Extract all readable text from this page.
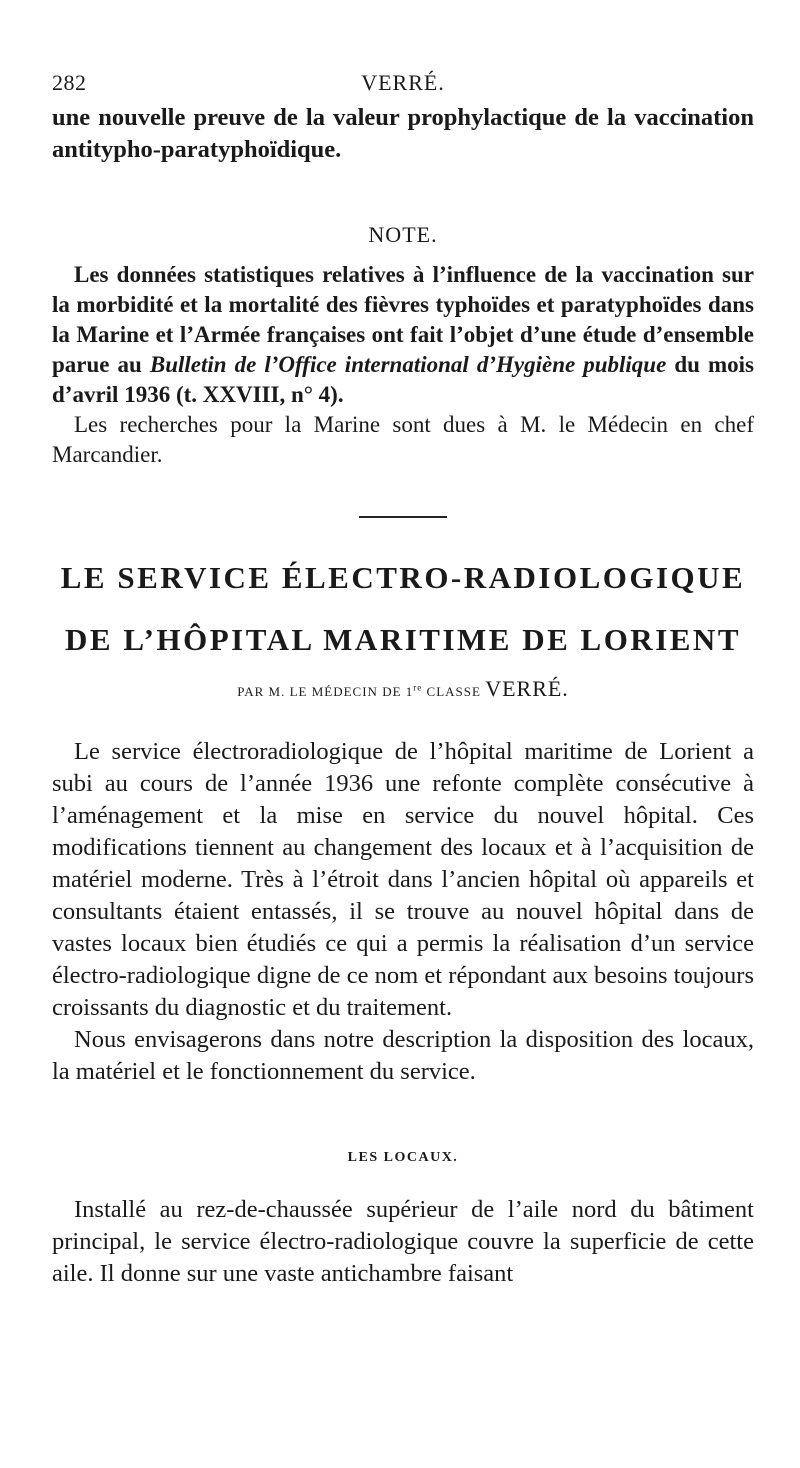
282	VERRÉ.

une nouvelle preuve de la valeur prophylactique de la vaccination antitypho-paratyphoïdique.

NOTE.

Les données statistiques relatives à l’influence de la vaccination sur la morbidité et la mortalité des fièvres typhoïdes et paratyphoïdes dans la Marine et l’Armée françaises ont fait l’objet d’une étude d’ensemble parue au Bulletin de l’Office international d’Hygiène publique du mois d’avril 1936 (t. XXVIII, n° 4).

Les recherches pour la Marine sont dues à M. le Médecin en chef Marcandier.

LE SERVICE ÉLECTRO-RADIOLOGIQUE
DE L’HÔPITAL MARITIME DE LORIENT
PAR M. LE MÉDECIN DE 1re CLASSE VERRÉ.

Le service électroradiologique de l’hôpital maritime de Lorient a subi au cours de l’année 1936 une refonte complète consécutive à l’aménagement et la mise en service du nouvel hôpital. Ces modifications tiennent au changement des locaux et à l’acquisition de matériel moderne. Très à l’étroit dans l’ancien hôpital où appareils et consultants étaient entassés, il se trouve au nouvel hôpital dans de vastes locaux bien étudiés ce qui a permis la réalisation d’un service électro-radiologique digne de ce nom et répondant aux besoins toujours croissants du diagnostic et du traitement.

Nous envisagerons dans notre description la disposition des locaux, la matériel et le fonctionnement du service.

LES LOCAUX.

Installé au rez-de-chaussée supérieur de l’aile nord du bâtiment principal, le service électro-radiologique couvre la superficie de cette aile. Il donne sur une vaste antichambre faisant
